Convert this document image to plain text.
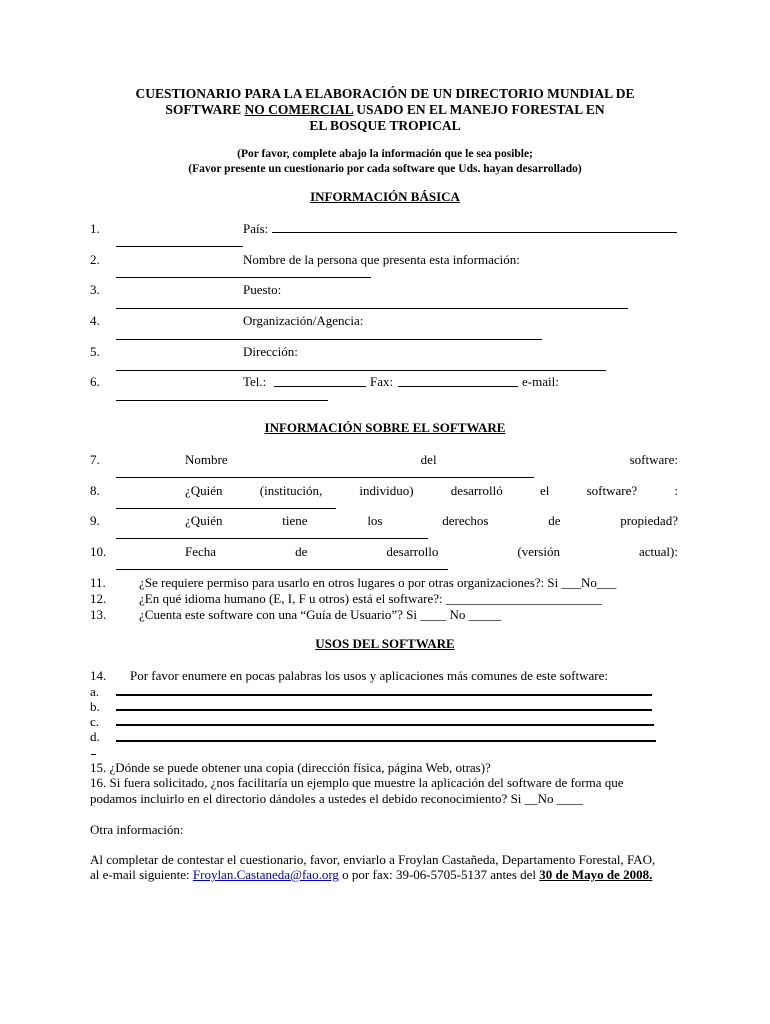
CUESTIONARIO PARA LA ELABORACIÓN DE UN DIRECTORIO MUNDIAL DE
SOFTWARE NO COMERCIAL USADO EN EL MANEJO FORESTAL EN
EL BOSQUE TROPICAL
(Por favor, complete abajo la información que le sea posible;
(Favor presente un cuestionario por cada software que Uds. hayan desarrollado)
INFORMACIÓN BÁSICA
1.	País:
2.	Nombre de la persona que presenta esta información:
3.	Puesto:
4.	Organización/Agencia:
5.	Dirección:
6.	Tel.:	Fax:	e-mail:
INFORMACIÓN SOBRE EL SOFTWARE
7.	Nombre	del	software:
8.	¿Quién	(institución,	individuo)	desarrolló	el	software?	:
9.	¿Quién	tiene	los	derechos	de	propiedad?
10.	Fecha	de	desarrollo	(versión	actual):
11.	¿Se requiere permiso para usarlo en otros lugares o por otras organizaciones?: Si ___No___
12.	¿En qué idioma humano (E, I, F u otros) está el software?: ________________________
13.	¿Cuenta este software con una “Guía de Usuario”? Si ____ No _____
USOS DEL SOFTWARE
14. Por favor enumere en pocas palabras los usos y aplicaciones más comunes de este software:
a.
b.
c.
d.
15. ¿Dónde se puede obtener una copia (dirección física, página Web, otras)?
16. Si fuera solicitado, ¿nos facilitaría un ejemplo que muestre la aplicación del software de forma que
podamos incluirlo en el directorio dándoles a ustedes el debido reconocimiento? Si __No ____
Otra información:
Al completar de contestar el cuestionario, favor, enviarlo a Froylan Castañeda, Departamento Forestal, FAO,
al e-mail siguiente: Froylan.Castaneda@fao.org o por fax: 39-06-5705-5137 antes del 30 de Mayo de 2008.
